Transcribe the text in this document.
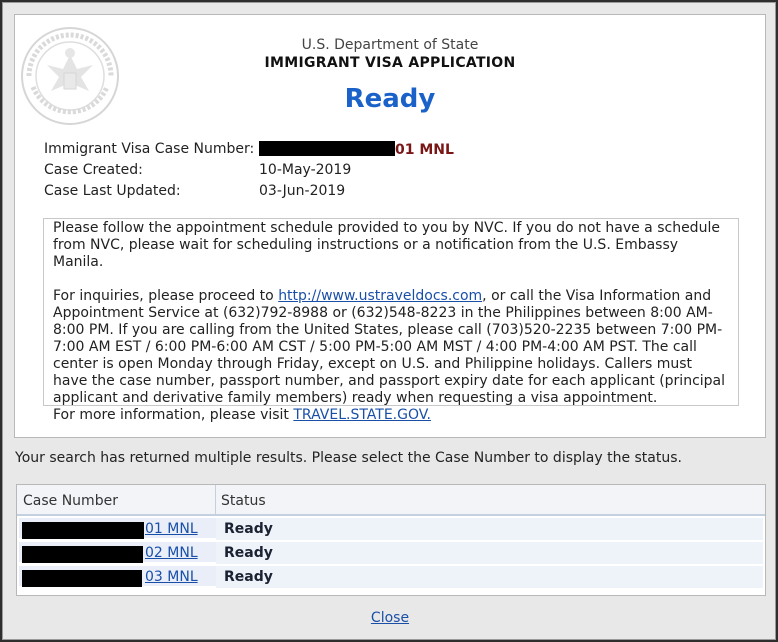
U.S. Department of State
IMMIGRANT VISA APPLICATION
Ready
Immigrant Visa Case Number:	01 MNL
Case Created:	10-May-2019
Case Last Updated:	03-Jun-2019

Please follow the appointment schedule provided to you by NVC. If you do not have a schedule from NVC, please wait for scheduling instructions or a notification from the U.S. Embassy Manila.

For inquiries, please proceed to http://www.ustraveldocs.com, or call the Visa Information and Appointment Service at (632)792-8988 or (632)548-8223 in the Philippines between 8:00 AM-8:00 PM. If you are calling from the United States, please call (703)520-2235 between 7:00 PM-7:00 AM EST / 6:00 PM-6:00 AM CST / 5:00 PM-5:00 AM MST / 4:00 PM-4:00 AM PST. The call center is open Monday through Friday, except on U.S. and Philippine holidays. Callers must have the case number, passport number, and passport expiry date for each applicant (principal applicant and derivative family members) ready when requesting a visa appointment.

For more information, please visit TRAVEL.STATE.GOV.

Your search has returned multiple results. Please select the Case Number to display the status.
Case Number	Status
01 MNL Ready
02 MNL Ready
03 MNL Ready
Close
